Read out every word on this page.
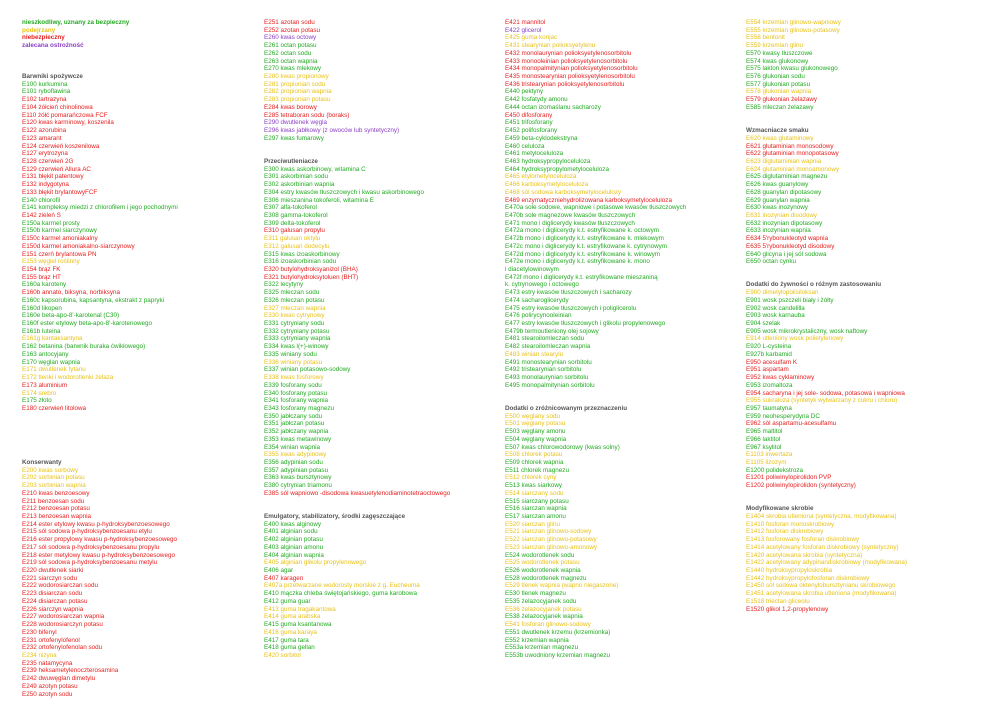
nieszkodliwy, uznany za bezpieczny
podejrzany
niebezpieczny
zalecana ostrożność
Barwniki spożywcze
E100 kurkumina
E101 ryboflawina
E102 tartrazyna
E104 żółcień chinolinowa
E110 żółć pomarańczowa FCF
E120 kwas karminowy, koszenila
E122 azorubina
E123 amarant
E124 czerwień koszenilowa
E127 erytrozyna
E128 czerwień 2G
E129 czerwień Allura AC
E131 błękit patentowy
E132 indygotyna
E133 błękit brylantowyFCF
E140 chlorofil
E141 kompleksy miedzi z chlorofilem i jego pochodnymi
E142 zieleń S
E150a karmel prosty
E150b karmel siarczynowy
E150c karmel amoniakalny
E150d karmel amoniakalno-siarczynowy
E151 czerń brylantowa PN
E153 węgiel roślinny
E154 brąz FK
E155 brąz HT
E160a karoteny
E160b annato, biksyna, norbiksyna
E160c kapsorubina, kapsantyna, ekstrakt z papryki
E160d likopen
E160e beta-apo-8'-karotenal (C30)
E160f ester etylowy beta-apo-8'-karotenowego
E161b luteina
E161g kantaksantyna
E162 betanina (barwnik buraka ćwikłowego)
E163 antocyjany
E170 węglan wapnia
E171 dwutlenek tytanu
E172 tlenki i wodorotlenki żelaza
E173 aluminium
E174 srebro
E175 złoto
E180 czerwień litolowa
Konserwanty
E200 kwas sorbowy
E202 sorbinian potasu
E203 sorbinian wapnia
E210 kwas benzoesowy
E211 benzoesan sodu
E212 benzoesan potasu
E213 benzoesan wapnia
E214 ester etylowy kwasu p-hydroksybenzoesowego
E215 sól sodowa p-hydroksybenzoesanu etylu
E216 ester propylowy kwasu p-hydroksybenzoesowego
E217 sól sodowa p-hydroksybenzoesanu propylu
E218 ester metylowy kwasu p-hydroksybenzoesowego
E219 sól sodowa p-hydroksybenzoesanu metylu
E220 dwutlenek siarki
E221 siarczyn sodu
E222 wodorosiarczan sodu
E223 disiarczan sodu
E224 disiarczan potasu
E226 siarczyn wapnia
E227 wodorosiarczan wapnia
E228 wodorosiarczyn potasu
E230 bifenyl
E231 ortofenylofenol
E232 ortofenylofenolan sodu
E234 nizyna
E235 natamycyna
E239 heksametylenoczterosamina
E242 dwuwęglan dimetylu
E249 azotyn potasu
E250 azotyn sodu
E251 azotan sodu
E252 azotan potasu
E260 kwas octowy
E261 octan potasu
E262 octan sodu
E263 octan wapnia
E270 kwas mlekowy
E280 kwas propionowy
E281 propionian sodu
E282 propionian wapnia
E283 propionian potasu
E284 kwas borowy
E285 tetraboran sodu (boraks)
E290 dwutlenek węgla
E296 kwas jabłkowy (z owoców lub syntetyczny)
E297 kwas fumarowy
Przeciwutleniacze
E300 kwas askorbinowy, witamina C
E301 askorbinian sodu
E302 askorbinian wapnia
E304 estry kwasów tłuszczowych i kwasu askorbinowego
E306 mieszanina tokoferoli, witamina E
E307 alfa-tokoferol
E308 gamma-tokoferol
E309 delta-tokoferol
E310 galusan propylu
E311 galusan oktylu
E312 galusan dodecylu
E315 kwas izoaskorbinowy
E316 izoaskorbinian sodu
E320 butylohydroksyanizol (BHA)
E321 butylohydroksytoluen (BHT)
E322 lecytyny
E325 mleczan sodu
E326 mleczan potasu
E327 mleczan wapnia
E330 kwas cytrynowy
E331 cytryniany sodu
E332 cytryniany potasu
E333 cytryniany wapnia
E334 kwas l(+)-winowy
E335 winiany sodu
E336 winiany potasu
E337 winian potasowo-sodowy
E338 kwas fosforowy
E339 fosforany sodu
E340 fosforany potasu
E341 fosforany wapnia
E343 fosforany magnezu
E350 jabłczany sodu
E351 jabłczan potasu
E352 jabłczany wapnia
E353 kwas metawinowy
E354 winian wapnia
E355 kwas adypinowy
E356 adypinian sodu
E357 adypinian potasu
E363 kwas bursztynowy
E380 cytrynian triamonu
E385 sól wapniowo -disodowa kwasuetylenodiaminotetraoctowego
Emulgatory, stabilizatory, środki zagęszczające
E400 kwas alginowy
E401 alginian sodu
E402 alginian potasu
E403 alginian amonu
E404 alginian wapnia
E405 alginian glikolu propylenowego
E406 agar
E407 karagen
E407a przetwarzane wodorosty morskie z g. Eucheuma
E410 mączka chleba świętojańskiego, guma karobowa
E412 guma guar
E413 guma tragakantowa
E414 guma arabska
E415 guma ksantanowa
E416 guma karaya
E417 guma tara
E418 guma gellan
E420 sorbitol
E421 mannitol
E422 glicerol
E425 guma konjac
E431 stearynian polioksyetylenu
E432 monolaurynian polioksyetylenosorbitolu
E433 monooleinian polioksyetylenosorbitolu
E434 monopalmitynian polioksyetylenosorbitolu
E435 monostearynian polioksyetylenosorbitolu
E436 tristearynian polioksyetylenosorbitolu
E440 pektyny
E442 fosfatydy amonu
E444 octan izomaślanu sacharozy
E450 difosforany
E451 trifosforany
E452 polifosforany
E459 beta-cyklodekstryna
E460 celuloza
E461 metyloceluloza
E463 hydroksypropyloceluloza
E464 hydroksypropylometyloceluloza
E465 etylometyloceluloza
E466 karboksymetyloceluloza
E468 sól sodowa karboksymetylocelulozy
E469 enzymatyczniehydrolizowana karboksymetyloceluloza
E470a sole sodowe, wapniowe i potasowe kwasów tłuszczowych
E470b sole magnezowe kwasów tłuszczowych
E471 mono i diglicerydy kwasów tłuszczowych
E472a mono i diglicerydy k.t. estryfikowane k. octowym
E472b mono i diglicerydy k.t. estryfikowane k. mlekowym
E472c mono i diglicerydy k.t. estryfikowane k. cytrynowym
E472d mono i diglicerydy k.t. estryfikowane k. winowym
E472e mono i diglicerydy k.t. estryfikowane k. mono
i diacetylowinowym
E472f mono i diglicerydy k.t. estryfikowane mieszaniną
k. cytrynowego i octowego
E473 estry kwasów tłuszczowych i sacharozy
E474 sacharoglicerydy
E475 estry kwasów tłuszczowych i poliglicerolu
E476 polirycynooleinian
E477 estry kwasów tłuszczowych i glikolu propylenowego
E479b termoutleniony olej sojowy
E481 stearoilomleczan sodu
E482 stearoilomleczan wapnia
E483 winian stearylu
E491 monostearynian sorbitolu
E492 tristearynian sorbitolu
E493 monolaurynian sorbitolu
E495 monopalmitynian sorbitolu
Dodatki o zróżnicowanym przeznaczeniu
E500 węglany sodu
E501 węglany potasu
E503 węglany amonu
E504 węglany wapnia
E507 kwas chlorowodorowy (kwas solny)
E508 chlorek potasu
E509 chlorek wapnia
E511 chlorek magnezu
E512 chlorek cyny
E513 kwas siarkowy
E514 siarczany sodu
E515 siarczany potasu
E516 siarczan wapnia
E517 siarczan amonu
E520 siarczan glinu
E521 siarczan glinowo-sodowy
E522 siarczan glinowo-potasowy
E523 siarczan glinowo-amonowy
E524 wodorotlenek sodu
E525 wodorotlenek potasu
E526 wodorotlenek wapnia
E528 wodorotlenek magnezu
E529 tlenek wapnia (wapno niegaszone)
E530 tlenek magnezu
E535 żelazocyjanek sodu
E536 żelazocyjanek potasu
E538 żelazocyjanek wapnia
E541 fosforan glinowo-sodowy
E551 dwutlenek krzemu (krzemionka)
E552 krzemian wapnia
E553a krzemian magnezu
E553b uwodniony krzemian magnezu
E554 krzemian glinowo-wapniowy
E555 krzemian glinowo-potasowy
E558 bentonit
E559 krzemian glinu
E570 kwasy tłuszczowe
E574 kwas glukonowy
E575 lakton kwasu glukonowego
E576 glukonian sodu
E577 glukonian potasu
E578 glukonian wapnia
E579 glukonian żelazawy
E585 mleczan żelazawy
Wzmacniacze smaku
E620 kwas glutaminowy
E621 glutaminian monosodowy
E622 glutaminian monopotasowy
E623 diglutaminian wapnia
E624 glutaminian monoamonowy
E625 diglutaminian magnezu
E626 kwas guanylowy
E628 guanylan dipotasowy
E629 guanylan wapnia
E630 kwas inozynowy
E631 inozynian disodowy
E632 inozynian dipotasowy
E633 inozynian wapnia
E634 5'rybonukleotyd wapnia
E635 5'rybonukleotyd disodowy
E640 glicyna i jej sól sodowa
E650 octan cynku
Dodatki do żywności o różnym zastosowaniu
E900 dimetylopolisiloksan
E901 wosk pszczeli biały i żółty
E902 wosk candelilla
E903 wosk karnauba
E904 szelak
E905 wosk mikrokrystaliczny, wosk naftowy
E914 utleniony wosk polietylenowy
E920 L-cysteina
E927b karbamid
E950 acesulfam K
E951 aspartam
E952 kwas cyklaminowy
E953 izomaltoza
E954 sacharyna i jej sole- sodowa, potasowa i wapniowa
E955 sukraloza (syntetyk wytwarzany z cukru i chloru)
E957 taumatyna
E959 neohesperydyna DC
E962 sól aspartamu-acesulfamu
E965 maltitol
E966 laktitol
E967 ksylitol
E1103 inwertaza
E1105 lizozym
E1200 polidekstroza
E1201 poliwinylopirolidon PVP
E1202 poliwinylopirolidon (syntetyczny)
Modyfikowane skrobie
E1404 skrobia utleniona (syntetyczna, modyfikowana)
E1410 fosforan monoskrobiowy
E1412 fosforan diskrobiowy
E1413 fosforowany fosforan diskrobiowy
E1414 acetylowany fosforan diskrobiowy (syntetyczny)
E1420 acetylowana skrobia (syntetyczna)
E1422 acetylowany adypinandiskrobiowy (modyfikowana)
E1440 hydroksypropyloskrobia
E1442 hydroksypropylofosforan diskrobiowy
E1450 sól sodowa oktenylobursztynianu skrobiowego
E1451 acetylowana skrobia utleniona (modyfikowana)
E1518 triectan gliceolu
E1520 glikol 1,2-propylenowy
